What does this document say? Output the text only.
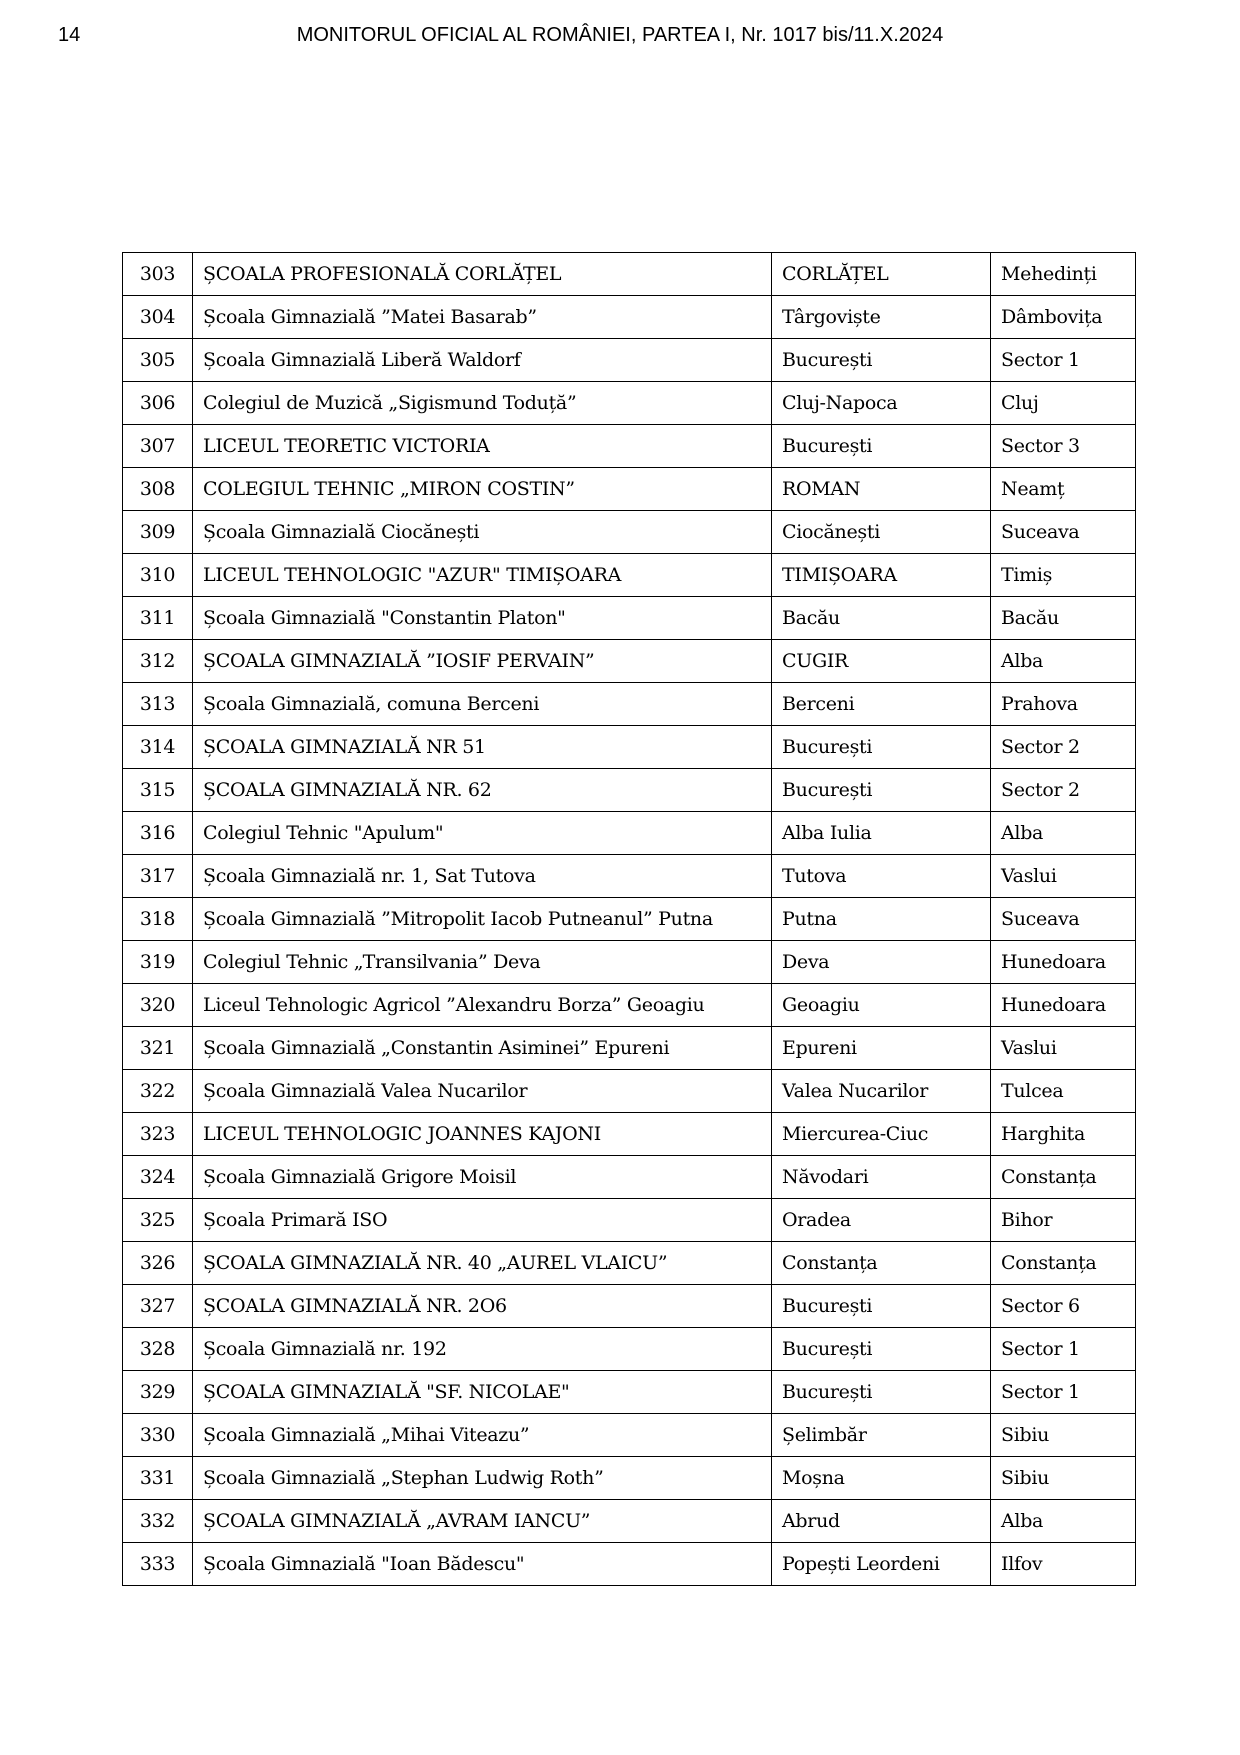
14	MONITORUL OFICIAL AL ROMÂNIEI, PARTEA I, Nr. 1017 bis/11.X.2024
303	ȘCOALA PROFESIONALĂ CORLĂȚEL	CORLĂȚEL	Mehedinți
304	Școala Gimnazială ”Matei Basarab”	Târgoviște	Dâmbovița
305	Școala Gimnazială Liberă Waldorf	București	Sector 1
306	Colegiul de Muzică „Sigismund Toduță”	Cluj-Napoca	Cluj
307	LICEUL TEORETIC VICTORIA	București	Sector 3
308	COLEGIUL TEHNIC „MIRON COSTIN”	ROMAN	Neamț
309	Școala Gimnazială Ciocănești	Ciocănești	Suceava
310	LICEUL TEHNOLOGIC "AZUR" TIMIȘOARA	TIMIȘOARA	Timiș
311	Școala Gimnazială "Constantin Platon"	Bacău	Bacău
312	ȘCOALA GIMNAZIALĂ ”IOSIF PERVAIN”	CUGIR	Alba
313	Școala Gimnazială, comuna Berceni	Berceni	Prahova
314	ȘCOALA GIMNAZIALĂ NR 51	București	Sector 2
315	ȘCOALA GIMNAZIALĂ NR. 62	București	Sector 2
316	Colegiul Tehnic "Apulum"	Alba Iulia	Alba
317	Școala Gimnazială nr. 1, Sat Tutova	Tutova	Vaslui
318	Școala Gimnazială ”Mitropolit Iacob Putneanul” Putna	Putna	Suceava
319	Colegiul Tehnic „Transilvania” Deva	Deva	Hunedoara
320	Liceul Tehnologic Agricol ”Alexandru Borza” Geoagiu	Geoagiu	Hunedoara
321	Școala Gimnazială „Constantin Asiminei” Epureni	Epureni	Vaslui
322	Școala Gimnazială Valea Nucarilor	Valea Nucarilor	Tulcea
323	LICEUL TEHNOLOGIC JOANNES KAJONI	Miercurea-Ciuc	Harghita
324	Școala Gimnazială Grigore Moisil	Năvodari	Constanța
325	Școala Primară ISO	Oradea	Bihor
326	ȘCOALA GIMNAZIALĂ NR. 40 „AUREL VLAICU”	Constanța	Constanța
327	ȘCOALA GIMNAZIALĂ NR. 2O6	București	Sector 6
328	Școala Gimnazială nr. 192	București	Sector 1
329	ȘCOALA GIMNAZIALĂ "SF. NICOLAE"	București	Sector 1
330	Școala Gimnazială „Mihai Viteazu”	Șelimbăr	Sibiu
331	Școala Gimnazială „Stephan Ludwig Roth”	Moșna	Sibiu
332	ȘCOALA GIMNAZIALĂ „AVRAM IANCU”	Abrud	Alba
333	Școala Gimnazială "Ioan Bădescu"	Popești Leordeni	Ilfov
